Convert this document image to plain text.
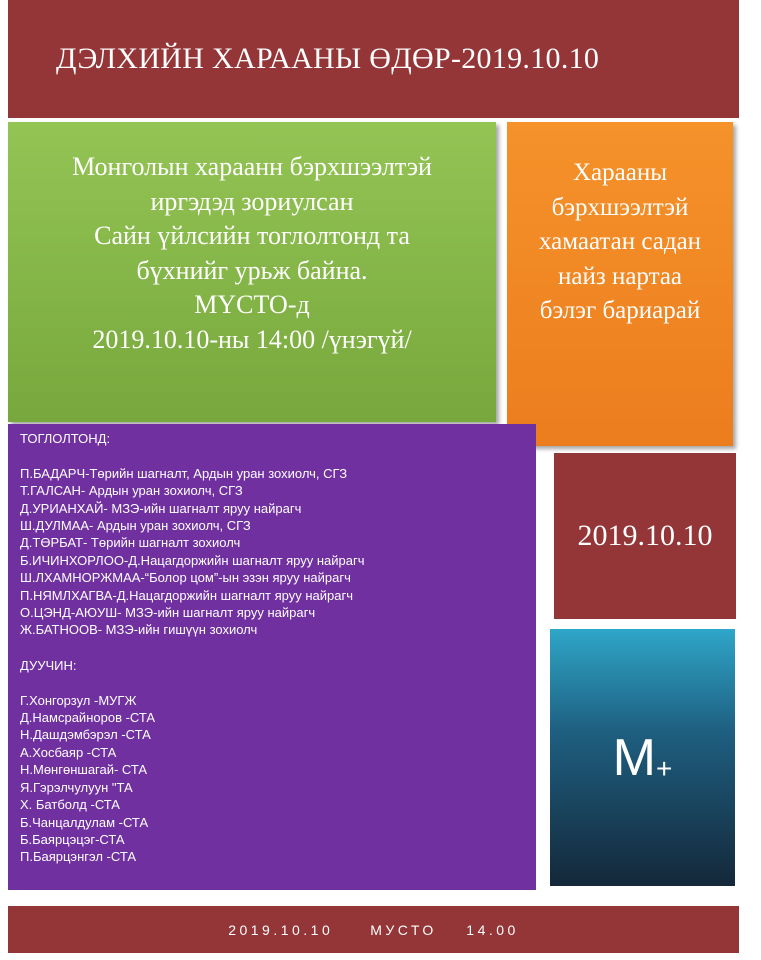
ДЭЛХИЙН ХАРААНЫ ӨДӨР-2019.10.10
Монголын хараанн бэрхшээлтэй
иргэдэд зориулсан
Сайн үйлсийн тоглолтонд та
бүхнийг урьж байна.
МҮСТО-д
2019.10.10-ны 14:00 /үнэгүй/
Харааны
бэрхшээлтэй
хамаатан садан
найз нартаа
бэлэг бариарай
ТОГЛОЛТОНД:
П.БАДАРЧ-Төрийн шагналт, Ардын уран зохиолч, СГЗ
Т.ГАЛСАН- Ардын уран зохиолч, СГЗ
Д.УРИАНХАЙ- МЗЭ-ийн шагналт яруу найрагч
Ш.ДУЛМАА- Ардын уран зохиолч, СГЗ
Д.ТӨРБАТ- Төрийн шагналт зохиолч
Б.ИЧИНХОРЛОО-Д.Нацагдоржийн шагналт яруу найрагч
Ш.ЛХАМНОРЖМАА-“Болор цом”-ын эзэн яруу найрагч
П.НЯМЛХАГВА-Д.Нацагдоржийн шагналт яруу найрагч
О.ЦЭНД-АЮУШ- МЗЭ-ийн шагналт яруу найрагч
Ж.БАТНООВ- МЗЭ-ийн гишүүн зохиолч
ДУУЧИН:
Г.Хонгорзул -МУГЖ
Д.Намсрайноров -СТА
Н.Дашдэмбэрэл -СТА
А.Хосбаяр -СТА
Н.Мөнгөншагай- СТА
Я.Гэрэлчулуун "ТА
Х. Батболд -СТА
Б.Чанцалдулам -СТА
Б.Баярцэцэг-СТА
П.Баярцэнгэл -СТА
2019.10.10
M +
2019.10.10     МУСТО    14.00
